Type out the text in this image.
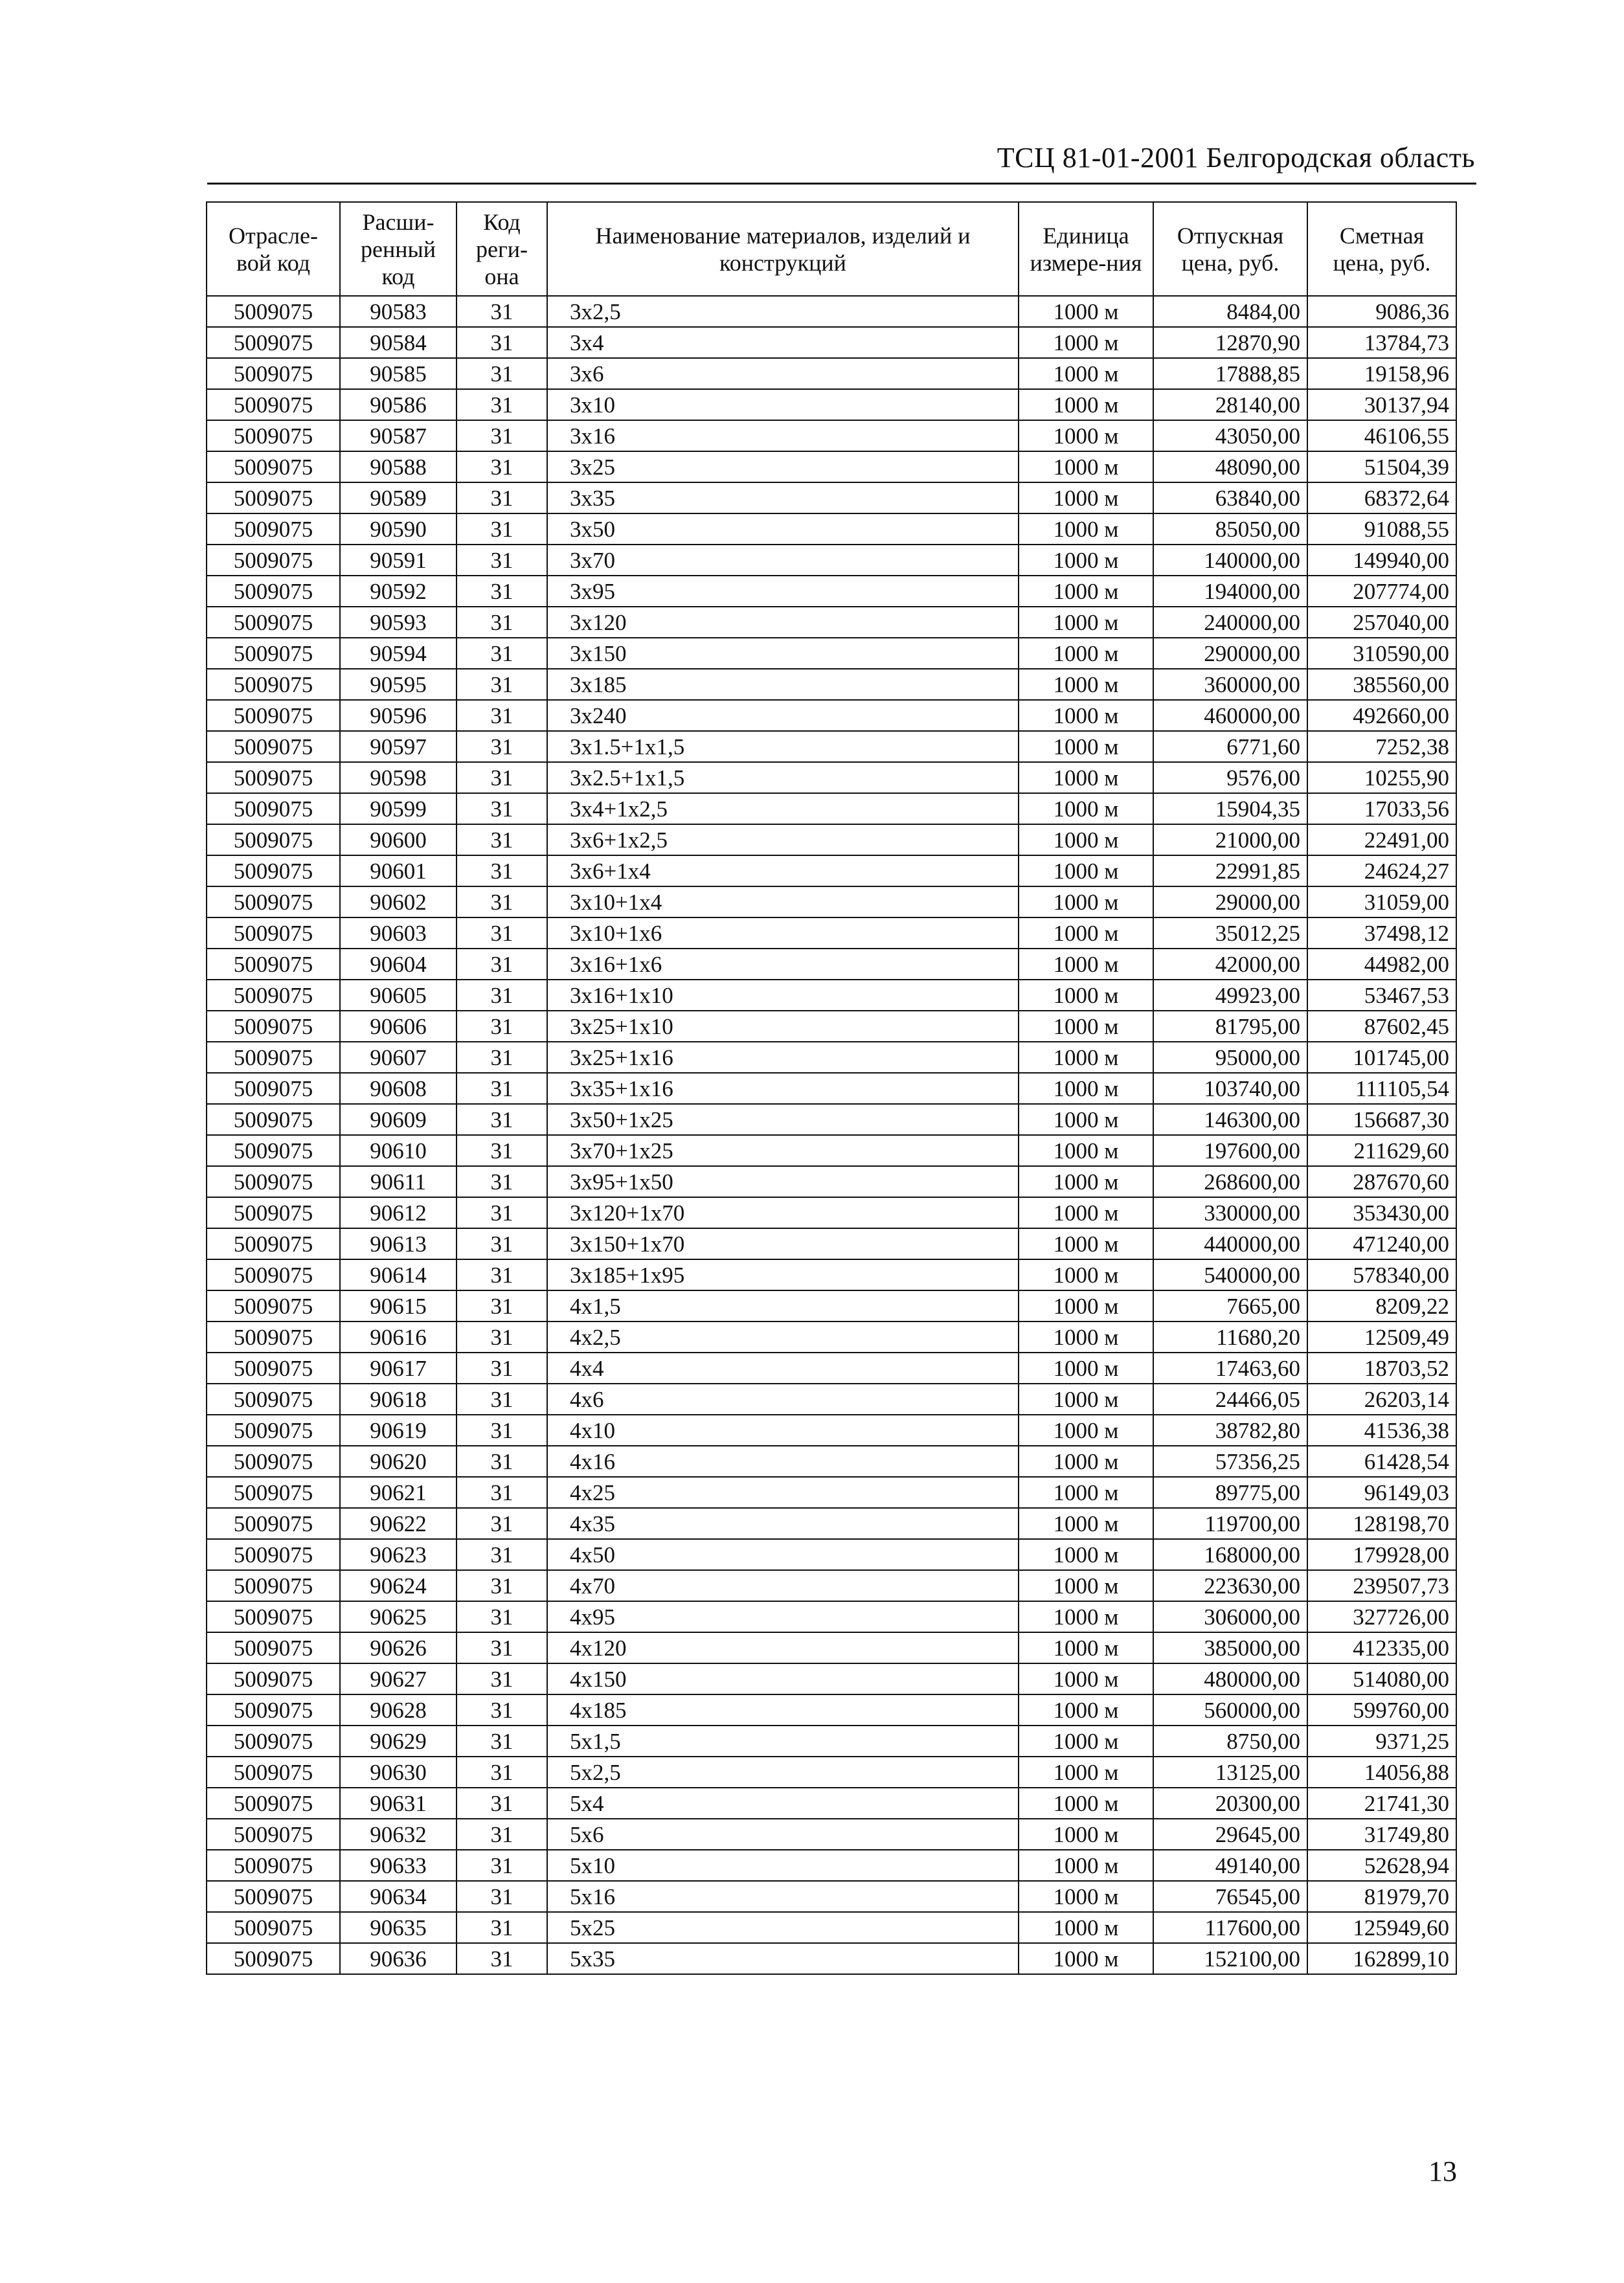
ТСЦ 81-01-2001 Белгородская область
Отрасле-вой код	Расши-ренный код	Код реги-она	Наименование материалов, изделий и конструкций	Единица измере-ния	Отпускная цена, руб.	Сметная цена, руб.
5009075	90583	31	3х2,5	1000 м	8484,00	9086,36
5009075	90584	31	3х4	1000 м	12870,90	13784,73
5009075	90585	31	3х6	1000 м	17888,85	19158,96
5009075	90586	31	3х10	1000 м	28140,00	30137,94
5009075	90587	31	3х16	1000 м	43050,00	46106,55
5009075	90588	31	3х25	1000 м	48090,00	51504,39
5009075	90589	31	3х35	1000 м	63840,00	68372,64
5009075	90590	31	3х50	1000 м	85050,00	91088,55
5009075	90591	31	3х70	1000 м	140000,00	149940,00
5009075	90592	31	3х95	1000 м	194000,00	207774,00
5009075	90593	31	3х120	1000 м	240000,00	257040,00
5009075	90594	31	3х150	1000 м	290000,00	310590,00
5009075	90595	31	3х185	1000 м	360000,00	385560,00
5009075	90596	31	3х240	1000 м	460000,00	492660,00
5009075	90597	31	3х1.5+1х1,5	1000 м	6771,60	7252,38
5009075	90598	31	3х2.5+1х1,5	1000 м	9576,00	10255,90
5009075	90599	31	3х4+1х2,5	1000 м	15904,35	17033,56
5009075	90600	31	3х6+1х2,5	1000 м	21000,00	22491,00
5009075	90601	31	3х6+1х4	1000 м	22991,85	24624,27
5009075	90602	31	3х10+1х4	1000 м	29000,00	31059,00
5009075	90603	31	3х10+1х6	1000 м	35012,25	37498,12
5009075	90604	31	3х16+1х6	1000 м	42000,00	44982,00
5009075	90605	31	3х16+1х10	1000 м	49923,00	53467,53
5009075	90606	31	3х25+1х10	1000 м	81795,00	87602,45
5009075	90607	31	3х25+1х16	1000 м	95000,00	101745,00
5009075	90608	31	3х35+1х16	1000 м	103740,00	111105,54
5009075	90609	31	3х50+1х25	1000 м	146300,00	156687,30
5009075	90610	31	3х70+1х25	1000 м	197600,00	211629,60
5009075	90611	31	3х95+1х50	1000 м	268600,00	287670,60
5009075	90612	31	3х120+1х70	1000 м	330000,00	353430,00
5009075	90613	31	3х150+1х70	1000 м	440000,00	471240,00
5009075	90614	31	3х185+1х95	1000 м	540000,00	578340,00
5009075	90615	31	4х1,5	1000 м	7665,00	8209,22
5009075	90616	31	4х2,5	1000 м	11680,20	12509,49
5009075	90617	31	4х4	1000 м	17463,60	18703,52
5009075	90618	31	4х6	1000 м	24466,05	26203,14
5009075	90619	31	4х10	1000 м	38782,80	41536,38
5009075	90620	31	4х16	1000 м	57356,25	61428,54
5009075	90621	31	4х25	1000 м	89775,00	96149,03
5009075	90622	31	4х35	1000 м	119700,00	128198,70
5009075	90623	31	4х50	1000 м	168000,00	179928,00
5009075	90624	31	4х70	1000 м	223630,00	239507,73
5009075	90625	31	4х95	1000 м	306000,00	327726,00
5009075	90626	31	4х120	1000 м	385000,00	412335,00
5009075	90627	31	4х150	1000 м	480000,00	514080,00
5009075	90628	31	4х185	1000 м	560000,00	599760,00
5009075	90629	31	5х1,5	1000 м	8750,00	9371,25
5009075	90630	31	5х2,5	1000 м	13125,00	14056,88
5009075	90631	31	5х4	1000 м	20300,00	21741,30
5009075	90632	31	5х6	1000 м	29645,00	31749,80
5009075	90633	31	5х10	1000 м	49140,00	52628,94
5009075	90634	31	5х16	1000 м	76545,00	81979,70
5009075	90635	31	5х25	1000 м	117600,00	125949,60
5009075	90636	31	5х35	1000 м	152100,00	162899,10
13
